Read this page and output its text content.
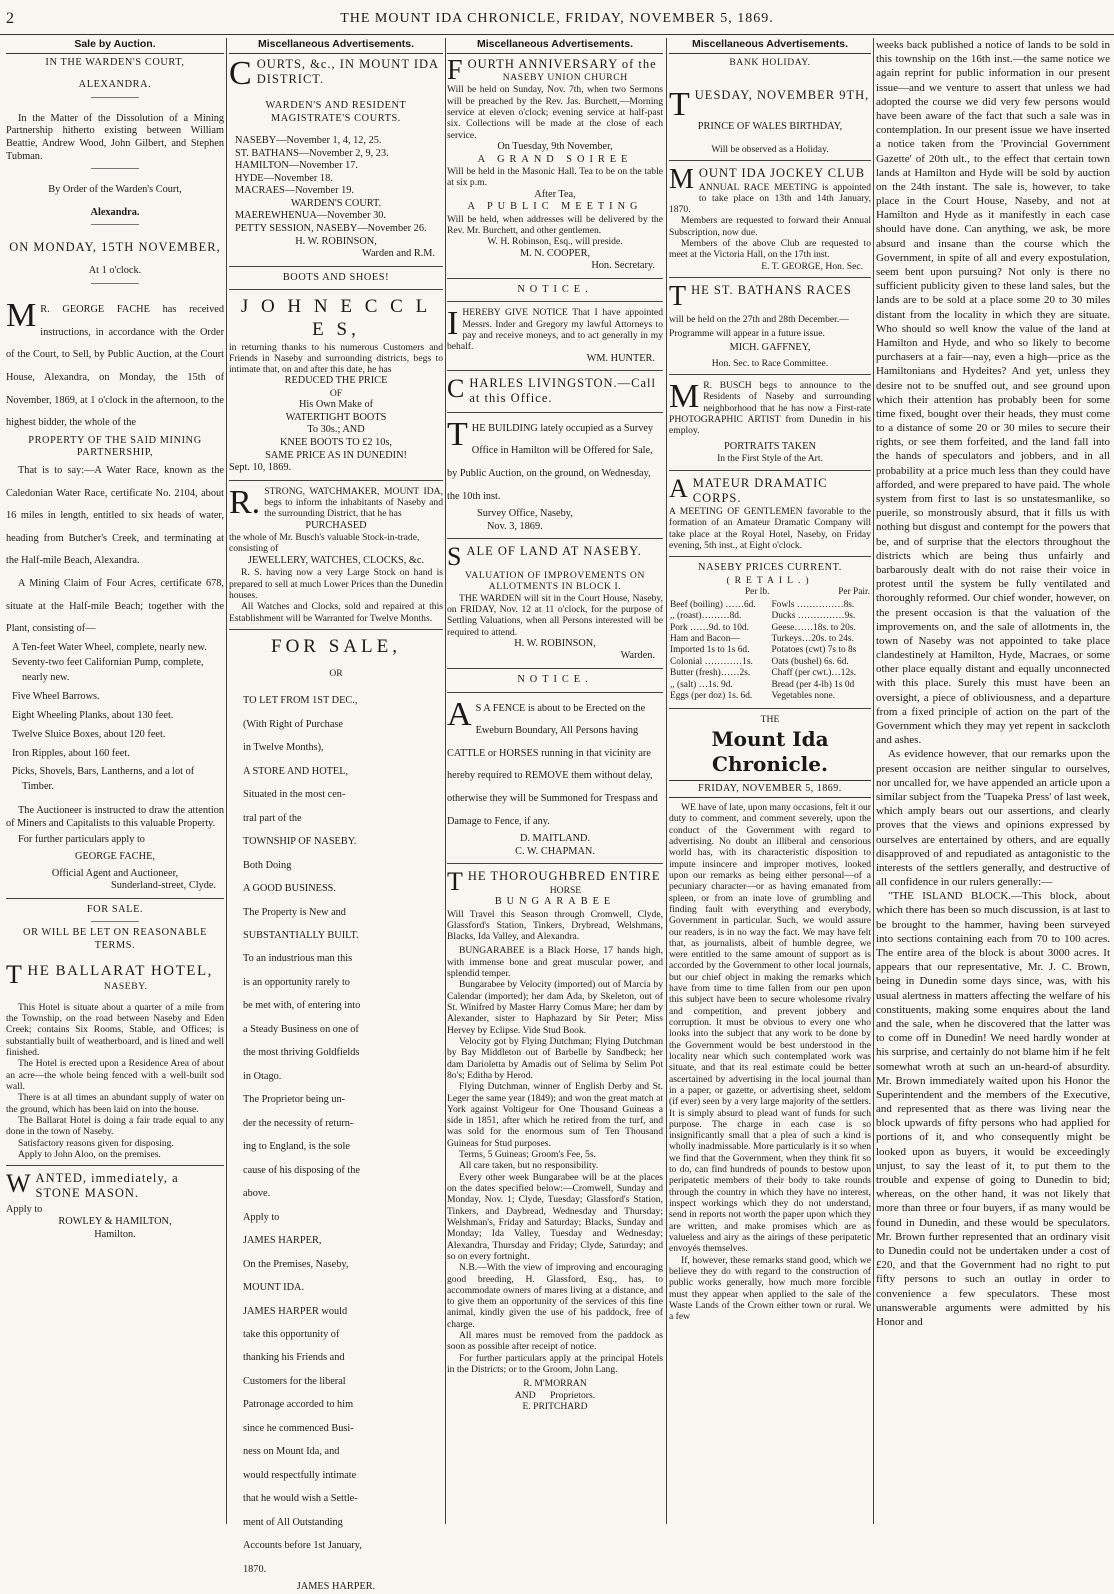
2	THE MOUNT IDA CHRONICLE, FRIDAY, NOVEMBER 5, 1869.
Sale by Auction.
IN THE WARDEN'S COURT,
ALEXANDRA.

In the Matter of the Dissolution of a Mining Partnership hitherto existing between William Beattie, Andrew Wood, John Gilbert, and Stephen Tubman.

By Order of the Warden's Court,
Alexandra.
ON MONDAY, 15TH NOVEMBER,
At 1 o'clock.

M R. GEORGE FACHE has received instructions, in accordance with the Order of the Court, to Sell, by Public Auction, at the Court House, Alexandra, on Monday, the 15th of November, 1869, at 1 o'clock in the afternoon, to the highest bidder, the whole of the

PROPERTY OF THE SAID MINING PARTNERSHIP,

That is to say:—A Water Race, known as the Caledonian Water Race, certificate No. 2104, about 16 miles in length, entitled to six heads of water, heading from Butcher's Creek, and terminating at the Half-mile Beach, Alexandra.

A Mining Claim of Four Acres, certificate 678, situate at the Half-mile Beach; together with the Plant, consisting of—

A Ten-feet Water Wheel, complete, nearly new.

Seventy-two feet Californian Pump, complete, nearly new.

Five Wheel Barrows.

Eight Wheeling Planks, about 130 feet.

Twelve Sluice Boxes, about 120 feet.

Iron Ripples, about 160 feet.

Picks, Shovels, Bars, Lantherns, and a lot of Timber.

The Auctioneer is instructed to draw the attention of Miners and Capitalists to this valuable Property.

For further particulars apply to

GEORGE FACHE,
Official Agent and Auctioneer,
Sunderland-street, Clyde.
FOR SALE.
OR WILL BE LET ON REASONABLE TERMS.
THE BALLARAT HOTEL,
NASEBY.

This Hotel is situate about a quarter of a mile from the Township, on the road between Naseby and Eden Creek; contains Six Rooms, Stable, and Offices; is substantially built of weatherboard, and is lined and well finished.

The Hotel is erected upon a Residence Area of about an acre—the whole being fenced with a well-built sod wall.

There is at all times an abundant supply of water on the ground, which has been laid on into the house.

The Ballarat Hotel is doing a fair trade equal to any done in the town of Naseby.

Satisfactory reasons given for disposing.

Apply to John Aloo, on the premises.

WANTED, immediately, a STONE MASON.
Apply to
ROWLEY & HAMILTON,
Hamilton.
Miscellaneous Advertisements.
COURTS, &c., IN MOUNT IDA DISTRICT.
WARDEN'S AND RESIDENT MAGISTRATE'S COURTS.
NASEBY—November 1, 4, 12, 25.
ST. BATHANS—November 2, 9, 23.
HAMILTON—November 17.
HYDE—November 18.
MACRAES—November 19.
WARDEN'S COURT.
MAEREWHENUA—November 30.
PETTY SESSION, NASEBY—November 26.
H. W. ROBINSON,
Warden and R.M.
BOOTS AND SHOES!
J O H N E C C L E S,

in returning thanks to his numerous Customers and Friends in Naseby and surrounding districts, begs to intimate that, on and after this date, he has

REDUCED THE PRICE
OF
His Own Make of
WATERTIGHT BOOTS
To 30s.; AND
KNEE BOOTS TO £2 10s,
SAME PRICE AS IN DUNEDIN!
Sept. 10, 1869.

R. STRONG, WATCHMAKER, MOUNT IDA, begs to inform the inhabitants of Naseby and the surrounding District, that he has

PURCHASED

the whole of Mr. Busch's valuable Stock-in-trade, consisting of

JEWELLERY, WATCHES, CLOCKS, &c.

R. S. having now a very Large Stock on hand is prepared to sell at much Lower Prices than the Dunedin houses.

All Watches and Clocks, sold and repaired at this Establishment will be Warranted for Twelve Months.

FOR SALE,
OR
TO LET FROM 1ST DEC.,
(With Right of Purchase
in Twelve Months),
A STORE AND HOTEL,
Situated in the most cen-
tral part of the
TOWNSHIP OF NASEBY.
Both Doing
A GOOD BUSINESS.
The Property is New and
SUBSTANTIALLY BUILT.
To an industrious man this
is an opportunity rarely to
be met with, of entering into
a Steady Business on one of
the most thriving Goldfields
in Otago.
The Proprietor being un-
der the necessity of return-
ing to England, is the sole
cause of his disposing of the
above.
Apply to
JAMES HARPER,
On the Premises, Naseby,
MOUNT IDA.
JAMES HARPER would
take this opportunity of
thanking his Friends and
Customers for the liberal
Patronage accorded to him
since he commenced Busi-
ness on Mount Ida, and
would respectfully intimate
that he would wish a Settle-
ment of All Outstanding
Accounts before 1st January,
1870.
JAMES HARPER.
Miscellaneous Advertisements.
FOURTH ANNIVERSARY of the
NASEBY UNION CHURCH

Will be held on Sunday, Nov. 7th, when two Sermons will be preached by the Rev. Jas. Burchett,—Morning service at eleven o'clock; evening service at half-past six. Collections will be made at the close of each service.

On Tuesday, 9th November,
A GRAND SOIREE

Will be held in the Masonic Hall. Tea to be on the table at six p.m.

After Tea,
A PUBLIC MEETING

Will be held, when addresses will be delivered by the Rev. Mr. Burchett, and other gentlemen.

W. H. Robinson, Esq., will preside.
M. N. COOPER,
Hon. Secretary.
NOTICE.

IHEREBY GIVE NOTICE That I have appointed Messrs. Inder and Gregory my lawful Attorneys to pay and receive moneys, and to act generally in my behalf.

WM. HUNTER.
CHARLES LIVINGSTON.—Call at this Office.

THE BUILDING lately occupied as a Survey Office in Hamilton will be Offered for Sale, by Public Auction, on the ground, on Wednesday, the 10th inst.

Survey Office, Naseby,
Nov. 3, 1869.
SALE OF LAND AT NASEBY.
VALUATION OF IMPROVEMENTS ON ALLOTMENTS IN BLOCK I.

THE WARDEN will sit in the Court House, Naseby, on FRIDAY, Nov. 12 at 11 o'clock, for the purpose of Settling Valuations, when all Persons interested will be required to attend.

H. W. ROBINSON,
Warden.
NOTICE.

A S A FENCE is about to be Erected on the Eweburn Boundary, All Persons having CATTLE or HORSES running in that vicinity are hereby required to REMOVE them without delay, otherwise they will be Summoned for Trespass and Damage to Fence, if any.

D. MAITLAND.
C. W. CHAPMAN.
THE THOROUGHBRED ENTIRE
HORSE
BUNGARABEE

Will Travel this Season through Cromwell, Clyde, Glassford's Station, Tinkers, Drybread, Welshmans, Blacks, Ida Valley, and Alexandra.

BUNGARABEE is a Black Horse, 17 hands high, with immense bone and great muscular power, and splendid temper.

Bungarabee by Velocity (imported) out of Marcia by Calendar (imported); her dam Ada, by Skeleton, out of St. Winifred by Master Harry Comus Mare; her dam by Alexander, sister to Haphazard by Sir Peter; Miss Hervey by Eclipse. Vide Stud Book.

Velocity got by Flying Dutchman; Flying Dutchman by Bay Middleton out of Barbelle by Sandbeck; her dam Darioletta by Amadis out of Selima by Selim Pot 8o's; Editha by Herod.

Flying Dutchman, winner of English Derby and St. Leger the same year (1849); and won the great match at York against Voltigeur for One Thousand Guineas a side in 1851, after which he retired from the turf, and was sold for the enormous sum of Ten Thousand Guineas for Stud purposes.

Terms, 5 Guineas; Groom's Fee, 5s.

All care taken, but no responsibility.

Every other week Bungarabee will be at the places on the dates specified below:—Cromwell, Sunday and Monday, Nov. 1; Clyde, Tuesday; Glassford's Station, Tinkers, and Daybread, Wednesday and Thursday; Welshman's, Friday and Saturday; Blacks, Sunday and Monday; Ida Valley, Tuesday and Wednesday; Alexandra, Thursday and Friday; Clyde, Saturday; and so on every fortnight.

N.B.—With the view of improving and encouraging good breeding, H. Glassford, Esq., has, to accommodate owners of mares living at a distance, and to give them an opportunity of the services of this fine animal, kindly given the use of his paddock, free of charge.

All mares must be removed from the paddock as soon as possible after receipt of notice.

For further particulars apply at the principal Hotels in the Districts; or to the Groom, John Lang.

R. M'MORRAN
AND Proprietors.
E. PRITCHARD
Miscellaneous Advertisements.
BANK HOLIDAY.
TUESDAY, NOVEMBER 9TH,
PRINCE OF WALES BIRTHDAY,
Will be observed as a Holiday.
MOUNT IDA JOCKEY CLUB

ANNUAL RACE MEETING is appointed to take place on 13th and 14th January, 1870.

Members are requested to forward their Annual Subscription, now due.

Members of the above Club are requested to meet at the Victoria Hall, on the 17th inst.

E. T. GEORGE, Hon. Sec.
THE ST. BATHANS RACES
will be held on the 27th and 28th December.—
Programme will appear in a future issue.
MICH. GAFFNEY,
Hon. Sec. to Race Committee.

M R. BUSCH begs to announce to the Residents of Naseby and surrounding neighborhood that he has now a First-rate PHOTOGRAPHIC ARTIST from Dunedin in his employ.

PORTRAITS TAKEN
In the First Style of the Art.
AMATEUR DRAMATIC CORPS.

A MEETING OF GENTLEMEN favorable to the formation of an Amateur Dramatic Company will take place at the Royal Hotel, Naseby, on Friday evening, 5th inst., at Eight o'clock.

NASEBY PRICES CURRENT.
(RETAIL.)
Per lb.	Per Pair.
Beef (boiling) ……6d.	Fowls ……………8s.
,, (roast)………8d.	Ducks ……………9s.
Pork ……9d. to 10d.	Geese……18s. to 20s.
Ham and Bacon—	Turkeys…20s. to 24s.
Imported 1s to 1s 6d.	Potatoes (cwt) 7s to 8s
Colonial …………1s.	Oats (bushel) 6s. 6d.
Butter (fresh)……2s.	Chaff (per cwt.)…12s.
,, (salt) …1s. 9d.	Bread (per 4-lb) 1s 0d
Eggs (per doz) 1s. 6d.	Vegetables none.
THE
Mount Ida Chronicle.
FRIDAY, NOVEMBER 5, 1869.

WE have of late, upon many occasions, felt it our duty to comment, and comment severely, upon the conduct of the Government with regard to advertising. No doubt an illiberal and censorious world has, with its characteristic disposition to impute insincere and improper motives, looked upon our remarks as being either personal—of a pecuniary character—or as having emanated from spleen, or from an inate love of grumbling and finding fault with everything and everybody, Government in particular. Such, we would assure our readers, is in no way the fact. We may have felt that, as journalists, albeit of humble degree, we were entitled to the same amount of support as is accorded by the Government to other local journals, but our chief object in making the remarks which have from time to time fallen from our pen upon this subject have been to secure wholesome rivalry and competition, and prevent jobbery and corruption. It must be obvious to every one who looks into the subject that any work to be done by the Government would be best understood in the locality near which such contemplated work was situate, and that its real estimate could be better ascertained by advertising in the local journal than in a paper, or gazette, or advertising sheet, seldom (if ever) seen by a very large majority of the settlers. It is simply absurd to plead want of funds for such purpose. The charge in each case is so insignificantly small that a plea of such a kind is wholly inadmissable. More particularly is it so when we find that the Government, when they think fit so to do, can find hundreds of pounds to bestow upon peripatetic members of their body to take rounds through the country in which they have no interest, inspect workings which they do not understand, send in reports not worth the paper upon which they are written, and make promises which are as valueless and airy as the airings of these peripatetic envoyés themselves.

If, however, these remarks stand good, which we believe they do with regard to the construction of public works generally, how much more forcible must they appear when applied to the sale of the Waste Lands of the Crown either town or rural. We a few

weeks back published a notice of lands to be sold in this township on the 16th inst.—the same notice we again reprint for public information in our present issue—and we venture to assert that unless we had adopted the course we did very few persons would have been aware of the fact that such a sale was in contemplation. In our present issue we have inserted a notice taken from the 'Provincial Government Gazette' of 20th ult., to the effect that certain town lands at Hamilton and Hyde will be sold by auction on the 24th instant. The sale is, however, to take place in the Court House, Naseby, and not at Hamilton and Hyde as it manifestly in each case should have done. Can anything, we ask, be more absurd and insane than the course which the Government, in spite of all and every expostulation, seem bent upon pursuing? Not only is there no sufficient publicity given to these land sales, but the lands are to be sold at a place some 20 to 30 miles distant from the locality in which they are situate. Who should so well know the value of the land at Hamilton and Hyde, and who so likely to become purchasers at a fair—nay, even a high—price as the Hamiltonians and Hydeites? And yet, unless they desire not to be snuffed out, and see ground upon which their attention has probably been for some time fixed, bought over their heads, they must come to a distance of some 20 or 30 miles to secure their rights, or see them forfeited, and the land fall into the hands of speculators and jobbers, and in all probability at a price much less than they could have afforded, and were prepared to have paid. The whole system from first to last is so unstatesmanlike, so puerile, so monstrously absurd, that it fills us with nothing but disgust and contempt for the powers that be, and of surprise that the electors throughout the districts which are being thus unfairly and barbarously dealt with do not raise their voice in protest until the system be fully ventilated and thoroughly reformed. Our chief wonder, however, on the present occasion is that the valuation of the improvements on, and the sale of allotments in, the town of Naseby was not appointed to take place clandestinely at Hamilton, Hyde, Macraes, or some other place equally distant and equally unconnected with this place. Surely this must have been an oversight, a piece of obliviousness, and a departure from a fixed principle of action on the part of the Government which they may yet repent in sackcloth and ashes.

As evidence however, that our remarks upon the present occasion are neither singular to ourselves, nor uncalled for, we have appended an article upon a similar subject from the 'Tuapeka Press' of last week, which amply bears out our assertions, and clearly proves that the views and opinions expressed by ourselves are entertained by others, and are equally disapproved of and repudiated as antagonistic to the interests of the settlers generally, and destructive of all confidence in our rulers generally:—

"THE ISLAND BLOCK.—This block, about which there has been so much discussion, is at last to be brought to the hammer, having been surveyed into sections containing each from 70 to 100 acres. The entire area of the block is about 3000 acres. It appears that our representative, Mr. J. C. Brown, being in Dunedin some days since, was, with his usual alertness in matters affecting the welfare of his constituents, making some enquires about the land and the sale, when he discovered that the latter was to come off in Dunedin! We need hardly wonder at his surprise, and certainly do not blame him if he felt somewhat wroth at such an un-heard-of absurdity. Mr. Brown immediately waited upon his Honor the Superintendent and the members of the Executive, and represented that as there was living near the block upwards of fifty persons who had applied for portions of it, and who consequently might be looked upon as buyers, it would be exceedingly unjust, to say the least of it, to put them to the trouble and expense of going to Dunedin to bid; whereas, on the other hand, it was not likely that more than three or four buyers, if as many would be found in Dunedin, and these would be speculators. Mr. Brown further represented that an ordinary visit to Dunedin could not be undertaken under a cost of £20, and that the Government had no right to put fifty persons to such an outlay in order to convenience a few speculators. These most unanswerable arguments were admitted by his Honor and
